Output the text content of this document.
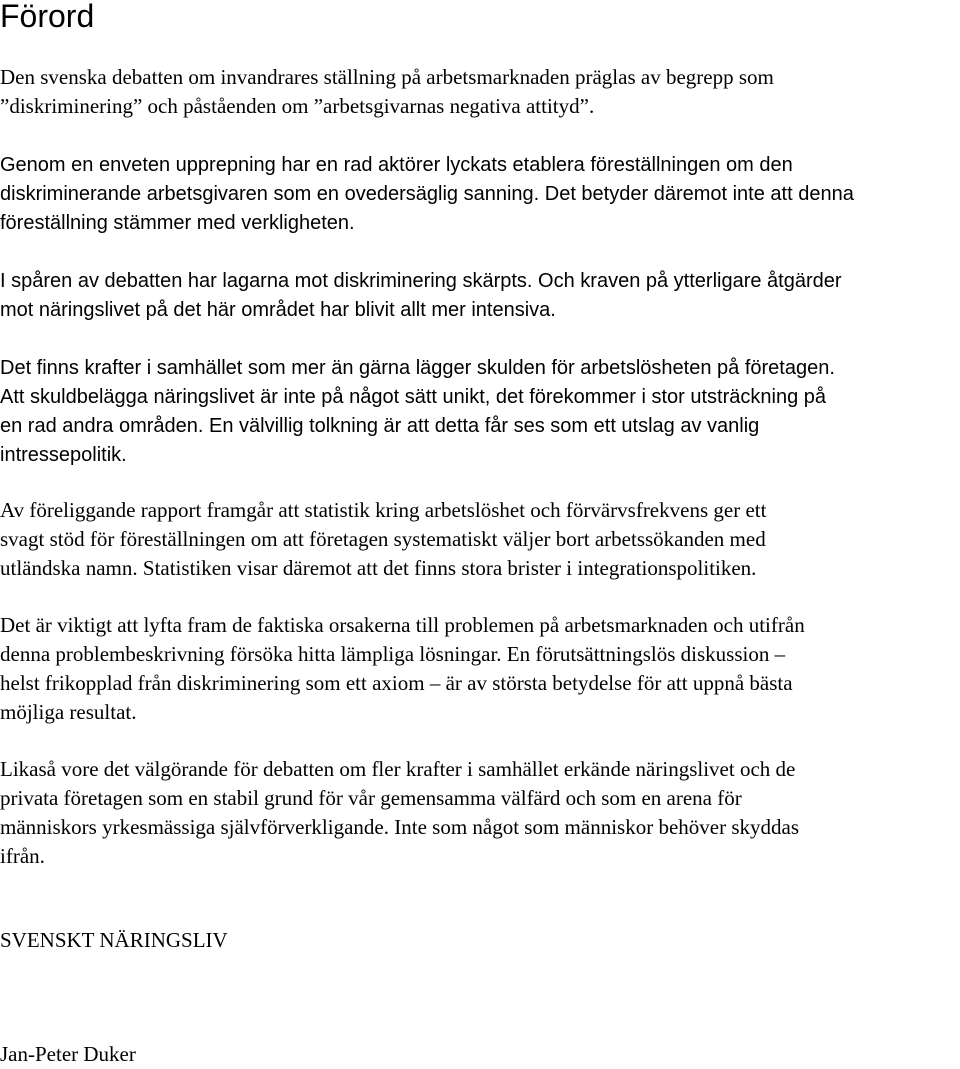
Förord

Den svenska debatten om invandrares ställning på arbetsmarknaden präglas av begrepp som
”diskriminering” och påståenden om ”arbetsgivarnas negativa attityd”.

Genom en enveten upprepning har en rad aktörer lyckats etablera föreställningen om den
diskriminerande arbetsgivaren som en ovedersäglig sanning. Det betyder däremot inte att denna
föreställning stämmer med verkligheten.

I spåren av debatten har lagarna mot diskriminering skärpts. Och kraven på ytterligare åtgärder
mot näringslivet på det här området har blivit allt mer intensiva.

Det finns krafter i samhället som mer än gärna lägger skulden för arbetslösheten på företagen.
Att skuldbelägga näringslivet är inte på något sätt unikt, det förekommer i stor utsträckning på
en rad andra områden. En välvillig tolkning är att detta får ses som ett utslag av vanlig
intressepolitik.

Av föreliggande rapport framgår att statistik kring arbetslöshet och förvärvsfrekvens ger ett
svagt stöd för föreställningen om att företagen systematiskt väljer bort arbetssökanden med
utländska namn. Statistiken visar däremot att det finns stora brister i integrationspolitiken.

Det är viktigt att lyfta fram de faktiska orsakerna till problemen på arbetsmarknaden och utifrån
denna problembeskrivning försöka hitta lämpliga lösningar. En förutsättningslös diskussion –
helst frikopplad från diskriminering som ett axiom – är av största betydelse för att uppnå bästa
möjliga resultat.

Likaså vore det välgörande för debatten om fler krafter i samhället erkände näringslivet och de
privata företagen som en stabil grund för vår gemensamma välfärd och som en arena för
människors yrkesmässiga självförverkligande. Inte som något som människor behöver skyddas
ifrån.

SVENSKT NÄRINGSLIV

Jan-Peter Duker
